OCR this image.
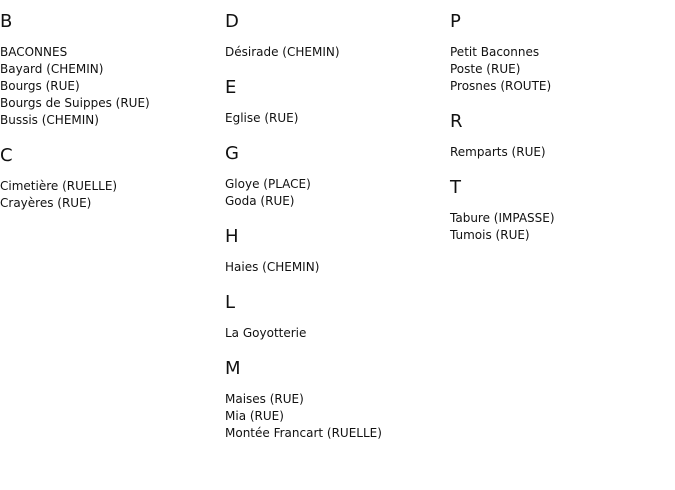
B
BACONNES
Bayard (CHEMIN)
Bourgs (RUE)
Bourgs de Suippes (RUE)
Bussis (CHEMIN)
C
Cimetière (RUELLE)
Crayères (RUE)
D
Désirade (CHEMIN)
E
Eglise (RUE)
G
Gloye (PLACE)
Goda (RUE)
H
Haies (CHEMIN)
L
La Goyotterie
M
Maises (RUE)
Mia (RUE)
Montée Francart (RUELLE)
P
Petit Baconnes
Poste (RUE)
Prosnes (ROUTE)
R
Remparts (RUE)
T
Tabure (IMPASSE)
Tumois (RUE)
